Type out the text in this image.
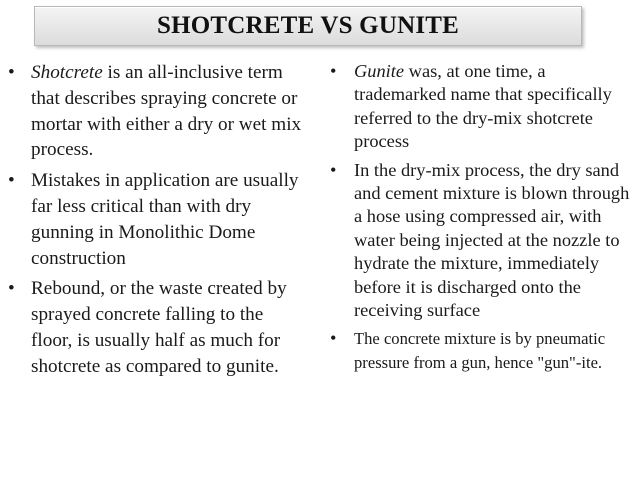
SHOTCRETE VS GUNITE
• Shotcrete is an all-inclusive term that describes spraying concrete or mortar with either a dry or wet mix process.
• Mistakes in application are usually far less critical than with dry gunning in Monolithic Dome construction
• Rebound, or the waste created by sprayed concrete falling to the floor, is usually half as much for shotcrete as compared to gunite.
• Gunite was, at one time, a trademarked name that specifically referred to the dry-mix shotcrete process
• In the dry-mix process, the dry sand and cement mixture is blown through a hose using compressed air, with water being injected at the nozzle to hydrate the mixture, immediately before it is discharged onto the receiving surface
• The concrete mixture is by pneumatic pressure from a gun, hence "gun"-ite.
